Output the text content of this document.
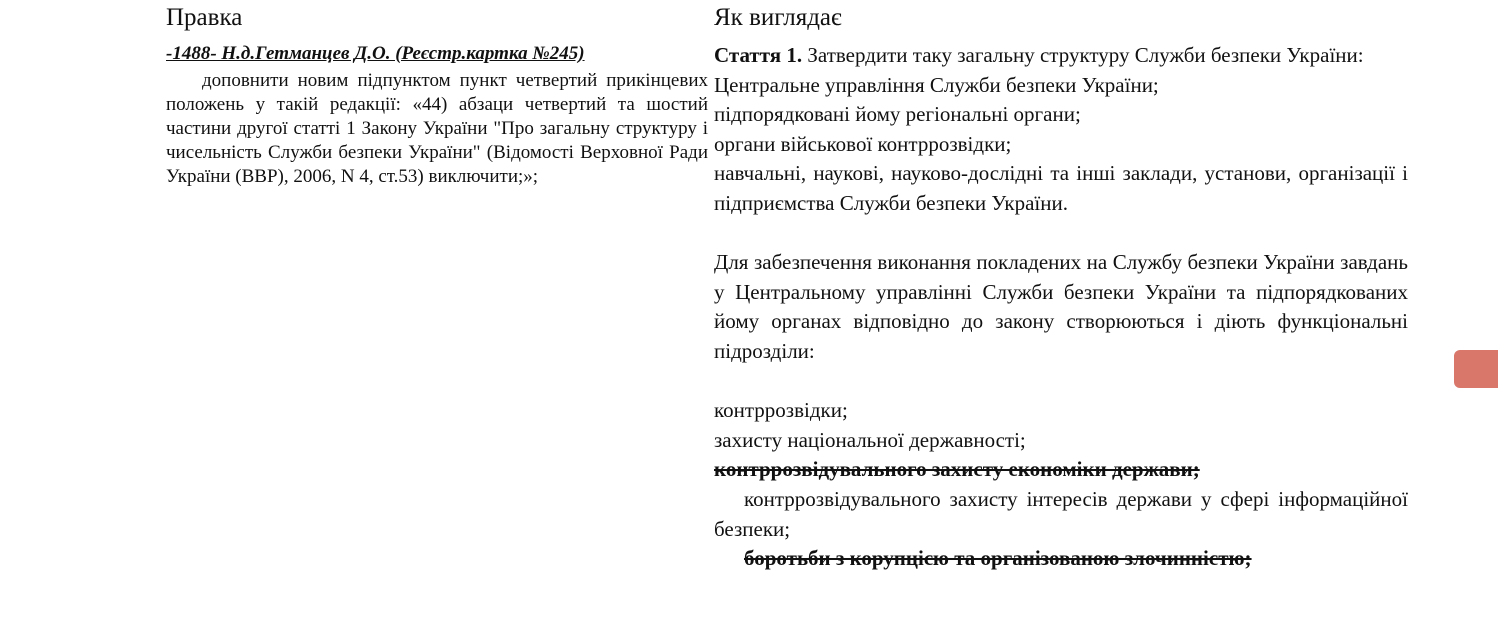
Правка
-1488- Н.д.Гетманцев Д.О. (Реєстр.картка №245)
доповнити новим підпунктом пункт четвертий прикінцевих положень у такій редакції: «44) абзаци четвертий та шостий частини другої статті 1 Закону України "Про загальну структуру і чисельність Служби безпеки України" (Відомості Верховної Ради України (ВВР), 2006, N 4, ст.53) виключити;»;
Як виглядає
Стаття 1. Затвердити таку загальну структуру Служби безпеки України:
Центральне управління Служби безпеки України;
підпорядковані йому регіональні органи;
органи військової контррозвідки;
навчальні, наукові, науково-дослідні та інші заклади, установи, організації і підприємства Служби безпеки України.
Для забезпечення виконання покладених на Службу безпеки України завдань у Центральному управлінні Служби безпеки України та підпорядкованих йому органах відповідно до закону створюються і діють функціональні підрозділи:
контррозвідки;
захисту національної державності;
контррозвідувального захисту економіки держави;
контррозвідувального захисту інтересів держави у сфері інформаційної безпеки;
боротьби з корупцією та організованою злочинністю;
